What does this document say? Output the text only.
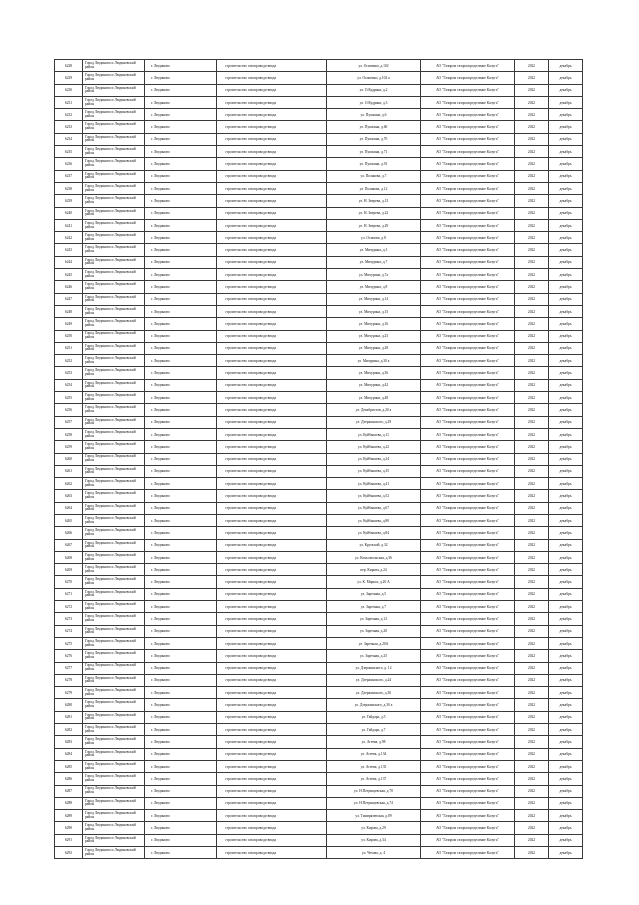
6228	Город Людиново и Людиновский район	г. Людиново	строительство газопровода-ввода	ул. Осипенко, д.102	АО "Газпром газораспределение Калуга"	2022	декабрь
6229	Город Людиново и Людиновский район	г. Людиново	строительство газопровода-ввода	ул. Осипенко, д.102 а	АО "Газпром газораспределение Калуга"	2022	декабрь
6230	Город Людиново и Людиновский район	г. Людиново	строительство газопровода-ввода	ул. О.Кудрина, д.2	АО "Газпром газораспределение Калуга"	2022	декабрь
6231	Город Людиново и Людиновский район	г. Людиново	строительство газопровода-ввода	ул. О.Кудрина, д.3	АО "Газпром газораспределение Калуга"	2022	декабрь
6232	Город Людиново и Людиновский район	г. Людиново	строительство газопровода-ввода	ул. Пушкина, д.6	АО "Газпром газораспределение Калуга"	2022	декабрь
6233	Город Людиново и Людиновский район	г. Людиново	строительство газопровода-ввода	ул. Пушкина, д.60	АО "Газпром газораспределение Калуга"	2022	декабрь
6234	Город Людиново и Людиновский район	г. Людиново	строительство газопровода-ввода	ул. Пушкина, д.70	АО "Газпром газораспределение Калуга"	2022	декабрь
6235	Город Людиново и Людиновский район	г. Людиново	строительство газопровода-ввода	ул. Пушкина, д.71	АО "Газпром газораспределение Калуга"	2022	декабрь
6236	Город Людиново и Людиновский район	г. Людиново	строительство газопровода-ввода	ул. Пушкина, д.91	АО "Газпром газораспределение Калуга"	2022	декабрь
6237	Город Людиново и Людиновский район	г. Людиново	строительство газопровода-ввода	ул. Полякова, д.7	АО "Газпром газораспределение Калуга"	2022	декабрь
6238	Город Людиново и Людиновский район	г. Людиново	строительство газопровода-ввода	ул. Полякова, д.12	АО "Газпром газораспределение Калуга"	2022	декабрь
6239	Город Людиново и Людиновский район	г. Людиново	строительство газопровода-ввода	ул. Н. Зверева, д.13	АО "Газпром газораспределение Калуга"	2022	декабрь
6240	Город Людиново и Людиновский район	г. Людиново	строительство газопровода-ввода	ул. Н. Зверева, д.22	АО "Газпром газораспределение Калуга"	2022	декабрь
6241	Город Людиново и Людиновский район	г. Людиново	строительство газопровода-ввода	ул. Н. Зверева, д.29	АО "Газпром газораспределение Калуга"	2022	декабрь
6242	Город Людиново и Людиновский район	г. Людиново	строительство газопровода-ввода	ул. Осипова, д.8	АО "Газпром газораспределение Калуга"	2022	декабрь
6243	Город Людиново и Людиновский район	г. Людиново	строительство газопровода-ввода	ул. Мичурина, д.3	АО "Газпром газораспределение Калуга"	2022	декабрь
6244	Город Людиново и Людиновский район	г. Людиново	строительство газопровода-ввода	ул. Мичурина, д.7	АО "Газпром газораспределение Калуга"	2022	декабрь
6245	Город Людиново и Людиновский район	г. Людиново	строительство газопровода-ввода	ул. Мичурина, д.7а	АО "Газпром газораспределение Калуга"	2022	декабрь
6246	Город Людиново и Людиновский район	г. Людиново	строительство газопровода-ввода	ул. Мичурина, д.8	АО "Газпром газораспределение Калуга"	2022	декабрь
6247	Город Людиново и Людиновский район	г. Людиново	строительство газопровода-ввода	ул. Мичурина, д.14	АО "Газпром газораспределение Калуга"	2022	декабрь
6248	Город Людиново и Людиновский район	г. Людиново	строительство газопровода-ввода	ул. Мичурина, д.15	АО "Газпром газораспределение Калуга"	2022	декабрь
6249	Город Людиново и Людиновский район	г. Людиново	строительство газопровода-ввода	ул. Мичурина, д.16	АО "Газпром газораспределение Калуга"	2022	декабрь
6250	Город Людиново и Людиновский район	г. Людиново	строительство газопровода-ввода	ул. Мичурина, д.25	АО "Газпром газораспределение Калуга"	2022	декабрь
6251	Город Людиново и Людиновский район	г. Людиново	строительство газопровода-ввода	ул. Мичурина, д.28	АО "Газпром газораспределение Калуга"	2022	декабрь
6252	Город Людиново и Людиновский район	г. Людиново	строительство газопровода-ввода	ул. Мичурина, д.30 а	АО "Газпром газораспределение Калуга"	2022	декабрь
6253	Город Людиново и Людиновский район	г. Людиново	строительство газопровода-ввода	ул. Мичурина, д.36	АО "Газпром газораспределение Калуга"	2022	декабрь
6254	Город Людиново и Людиновский район	г. Людиново	строительство газопровода-ввода	ул. Мичурина, д.42	АО "Газпром газораспределение Калуга"	2022	декабрь
6255	Город Людиново и Людиновский район	г. Людиново	строительство газопровода-ввода	ул. Мичурина, д.48	АО "Газпром газораспределение Калуга"	2022	декабрь
6256	Город Людиново и Людиновский район	г. Людиново	строительство газопровода-ввода	ул. Декабристов, д.20 а	АО "Газпром газораспределение Калуга"	2022	декабрь
6257	Город Людиново и Людиновский район	г. Людиново	строительство газопровода-ввода	ул. Дзержинского, д.29	АО "Газпром газораспределение Калуга"	2022	декабрь
6258	Город Людиново и Людиновский район	г. Людиново	строительство газопровода-ввода	ул. Куйбышева, д.11	АО "Газпром газораспределение Калуга"	2022	декабрь
6259	Город Людиново и Людиновский район	г. Людиново	строительство газопровода-ввода	ул. Куйбышева, д.22	АО "Газпром газораспределение Калуга"	2022	декабрь
6260	Город Людиново и Людиновский район	г. Людиново	строительство газопровода-ввода	ул. Куйбышева, д.24	АО "Газпром газораспределение Калуга"	2022	декабрь
6261	Город Людиново и Людиновский район	г. Людиново	строительство газопровода-ввода	ул. Куйбышева, д.35	АО "Газпром газораспределение Калуга"	2022	декабрь
6262	Город Людиново и Людиновский район	г. Людиново	строительство газопровода-ввода	ул. Куйбышева, д.41	АО "Газпром газораспределение Калуга"	2022	декабрь
6263	Город Людиново и Людиновский район	г. Людиново	строительство газопровода-ввода	ул. Куйбышева, д.52	АО "Газпром газораспределение Калуга"	2022	декабрь
6264	Город Людиново и Людиновский район	г. Людиново	строительство газопровода-ввода	ул. Куйбышева, д.67	АО "Газпром газораспределение Калуга"	2022	декабрь
6265	Город Людиново и Людиновский район	г. Людиново	строительство газопровода-ввода	ул. Куйбышева, д.80	АО "Газпром газораспределение Калуга"	2022	декабрь
6266	Город Людиново и Людиновский район	г. Людиново	строительство газопровода-ввода	ул. Куйбышева, д.84	АО "Газпром газораспределение Калуга"	2022	декабрь
6267	Город Людиново и Людиновский район	г. Людиново	строительство газопровода-ввода	ул. Крупской, д.32	АО "Газпром газораспределение Калуга"	2022	декабрь
6268	Город Людиново и Людиновский район	г. Людиново	строительство газопровода-ввода	ул. Комсомольская, д.36	АО "Газпром газораспределение Калуга"	2022	декабрь
6269	Город Людиново и Людиновский район	г. Людиново	строительство газопровода-ввода	пер. Кирова, д.24	АО "Газпром газораспределение Калуга"	2022	декабрь
6270	Город Людиново и Людиновский район	г. Людиново	строительство газопровода-ввода	ул. К. Маркса, д.20 А	АО "Газпром газораспределение Калуга"	2022	декабрь
6271	Город Людиново и Людиновский район	г. Людиново	строительство газопровода-ввода	ул. Заречная, д.5	АО "Газпром газораспределение Калуга"	2022	декабрь
6272	Город Людиново и Людиновский район	г. Людиново	строительство газопровода-ввода	ул. Заречная, д.7	АО "Газпром газораспределение Калуга"	2022	декабрь
6273	Город Людиново и Людиновский район	г. Людиново	строительство газопровода-ввода	ул. Заречная, д.12	АО "Газпром газораспределение Калуга"	2022	декабрь
6274	Город Людиново и Людиновский район	г. Людиново	строительство газопровода-ввода	ул. Заречная, д.20	АО "Газпром газораспределение Калуга"	2022	декабрь
6275	Город Людиново и Людиновский район	г. Людиново	строительство газопровода-ввода	ул. Заречная, д.20А	АО "Газпром газораспределение Калуга"	2022	декабрь
6276	Город Людиново и Людиновский район	г. Людиново	строительство газопровода-ввода	ул. Заречная, д.25	АО "Газпром газораспределение Калуга"	2022	декабрь
6277	Город Людиново и Людиновский район	г. Людиново	строительство газопровода-ввода	ул. Дзержинского, д. 12	АО "Газпром газораспределение Калуга"	2022	декабрь
6278	Город Людиново и Людиновский район	г. Людиново	строительство газопровода-ввода	ул. Дзержинского, д.24	АО "Газпром газораспределение Калуга"	2022	декабрь
6279	Город Людиново и Людиновский район	г. Людиново	строительство газопровода-ввода	ул. Дзержинского, д.30	АО "Газпром газораспределение Калуга"	2022	декабрь
6280	Город Людиново и Людиновский район	г. Людиново	строительство газопровода-ввода	ул. Дзержинского, д.30 а	АО "Газпром газораспределение Калуга"	2022	декабрь
6281	Город Людиново и Людиновский район	г. Людиново	строительство газопровода-ввода	ул. Гайдара, д.5	АО "Газпром газораспределение Калуга"	2022	декабрь
6282	Город Людиново и Людиновский район	г. Людиново	строительство газопровода-ввода	ул. Гайдара, д.7	АО "Газпром газораспределение Калуга"	2022	декабрь
6283	Город Людиново и Людиновский район	г. Людиново	строительство газопровода-ввода	ул. Агеева, д.98	АО "Газпром газораспределение Калуга"	2022	декабрь
6284	Город Людиново и Людиновский район	г. Людиново	строительство газопровода-ввода	ул. Агеева, д.134	АО "Газпром газораспределение Калуга"	2022	декабрь
6285	Город Людиново и Людиновский район	г. Людиново	строительство газопровода-ввода	ул. Агеева, д.135	АО "Газпром газораспределение Калуга"	2022	декабрь
6286	Город Людиново и Людиновский район	г. Людиново	строительство газопровода-ввода	ул. Агеева, д.137	АО "Газпром газораспределение Калуга"	2022	декабрь
6287	Город Людиново и Людиновский район	г. Людиново	строительство газопровода-ввода	ул. Н.Петрищевская, д.70	АО "Газпром газораспределение Калуга"	2022	декабрь
6288	Город Людиново и Людиновский район	г. Людиново	строительство газопровода-ввода	ул. Н.Петрищевская, д.74	АО "Газпром газораспределение Калуга"	2022	декабрь
6289	Город Людиново и Людиновский район	г. Людиново	строительство газопровода-ввода	ул. Тимирязевская, д.89	АО "Газпром газораспределение Калуга"	2022	декабрь
6290	Город Людиново и Людиновский район	г. Людиново	строительство газопровода-ввода	ул. Кирова, д.29	АО "Газпром газораспределение Калуга"	2022	декабрь
6291	Город Людиново и Людиновский район	г. Людиново	строительство газопровода-ввода	ул. Кирова, д.34	АО "Газпром газораспределение Калуга"	2022	декабрь
6292	Город Людиново и Людиновский район	г. Людиново	строительство газопровода-ввода	ул. Чехова, д. 4	АО "Газпром газораспределение Калуга"	2022	декабрь
